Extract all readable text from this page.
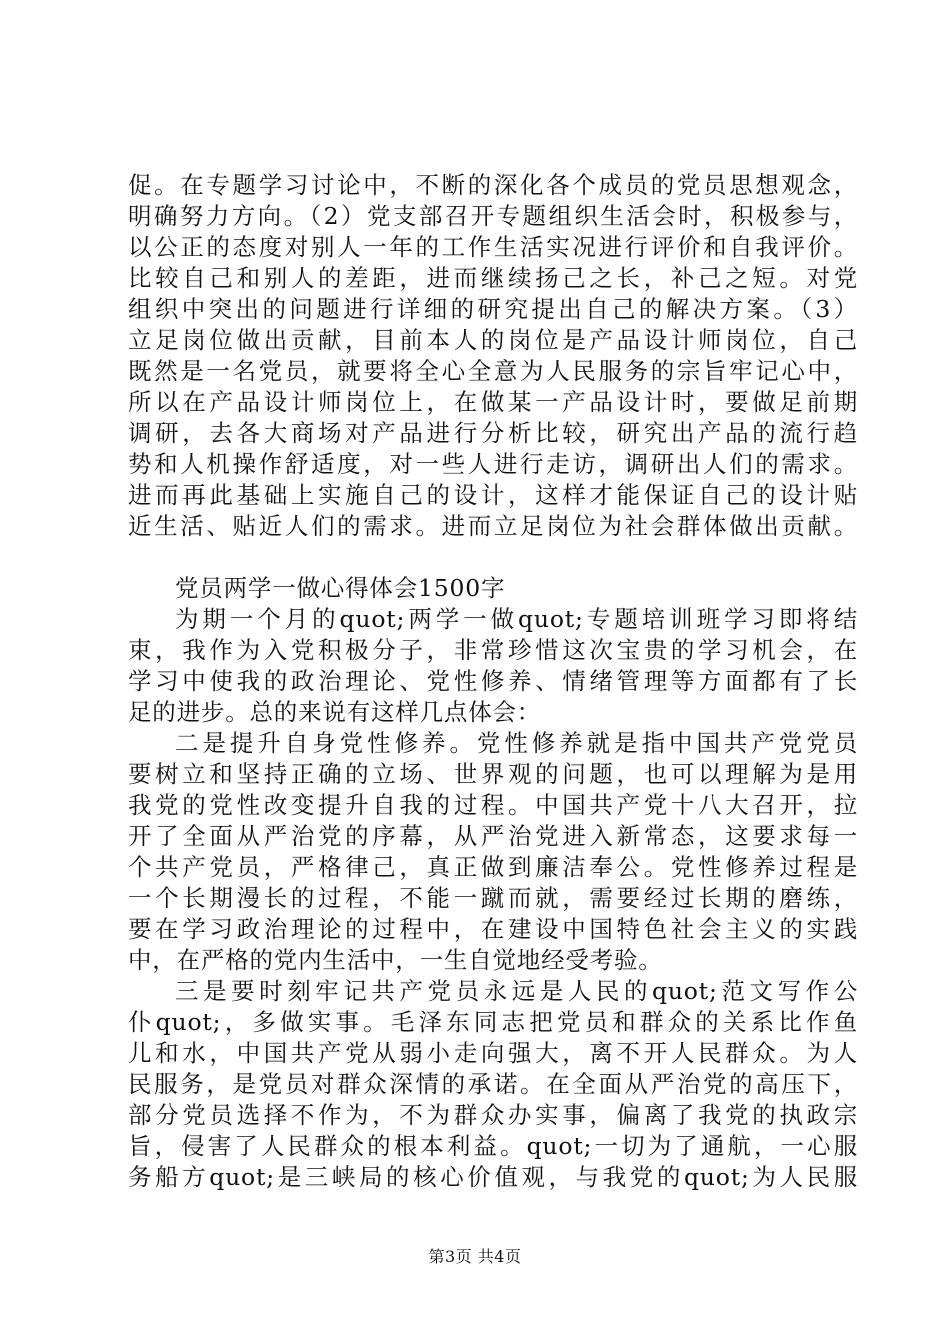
促。在专题学习讨论中，不断的深化各个成员的党员思想观念，
明确努力方向。（2）党支部召开专题组织生活会时，积极参与，
以公正的态度对别人一年的工作生活实况进行评价和自我评价。
比较自己和别人的差距，进而继续扬己之长，补己之短。对党
组织中突出的问题进行详细的研究提出自己的解决方案。（3）
立足岗位做出贡献，目前本人的岗位是产品设计师岗位，自己
既然是一名党员，就要将全心全意为人民服务的宗旨牢记心中，
所以在产品设计师岗位上，在做某一产品设计时，要做足前期
调研，去各大商场对产品进行分析比较，研究出产品的流行趋
势和人机操作舒适度，对一些人进行走访，调研出人们的需求。
进而再此基础上实施自己的设计，这样才能保证自己的设计贴
近生活、贴近人们的需求。进而立足岗位为社会群体做出贡献。
党员两学一做心得体会1500字
为期一个月的quot;两学一做quot;专题培训班学习即将结
束，我作为入党积极分子，非常珍惜这次宝贵的学习机会，在
学习中使我的政治理论、党性修养、情绪管理等方面都有了长
足的进步。总的来说有这样几点体会：
二是提升自身党性修养。党性修养就是指中国共产党党员
要树立和坚持正确的立场、世界观的问题，也可以理解为是用
我党的党性改变提升自我的过程。中国共产党十八大召开，拉
开了全面从严治党的序幕，从严治党进入新常态，这要求每一
个共产党员，严格律己，真正做到廉洁奉公。党性修养过程是
一个长期漫长的过程，不能一蹴而就，需要经过长期的磨练，
要在学习政治理论的过程中，在建设中国特色社会主义的实践
中，在严格的党内生活中，一生自觉地经受考验。
三是要时刻牢记共产党员永远是人民的quot;范文写作公
仆quot;，多做实事。毛泽东同志把党员和群众的关系比作鱼
儿和水，中国共产党从弱小走向强大，离不开人民群众。为人
民服务，是党员对群众深情的承诺。在全面从严治党的高压下，
部分党员选择不作为，不为群众办实事，偏离了我党的执政宗
旨，侵害了人民群众的根本利益。quot;一切为了通航，一心服
务船方quot;是三峡局的核心价值观，与我党的quot;为人民服
第3页 共4页
